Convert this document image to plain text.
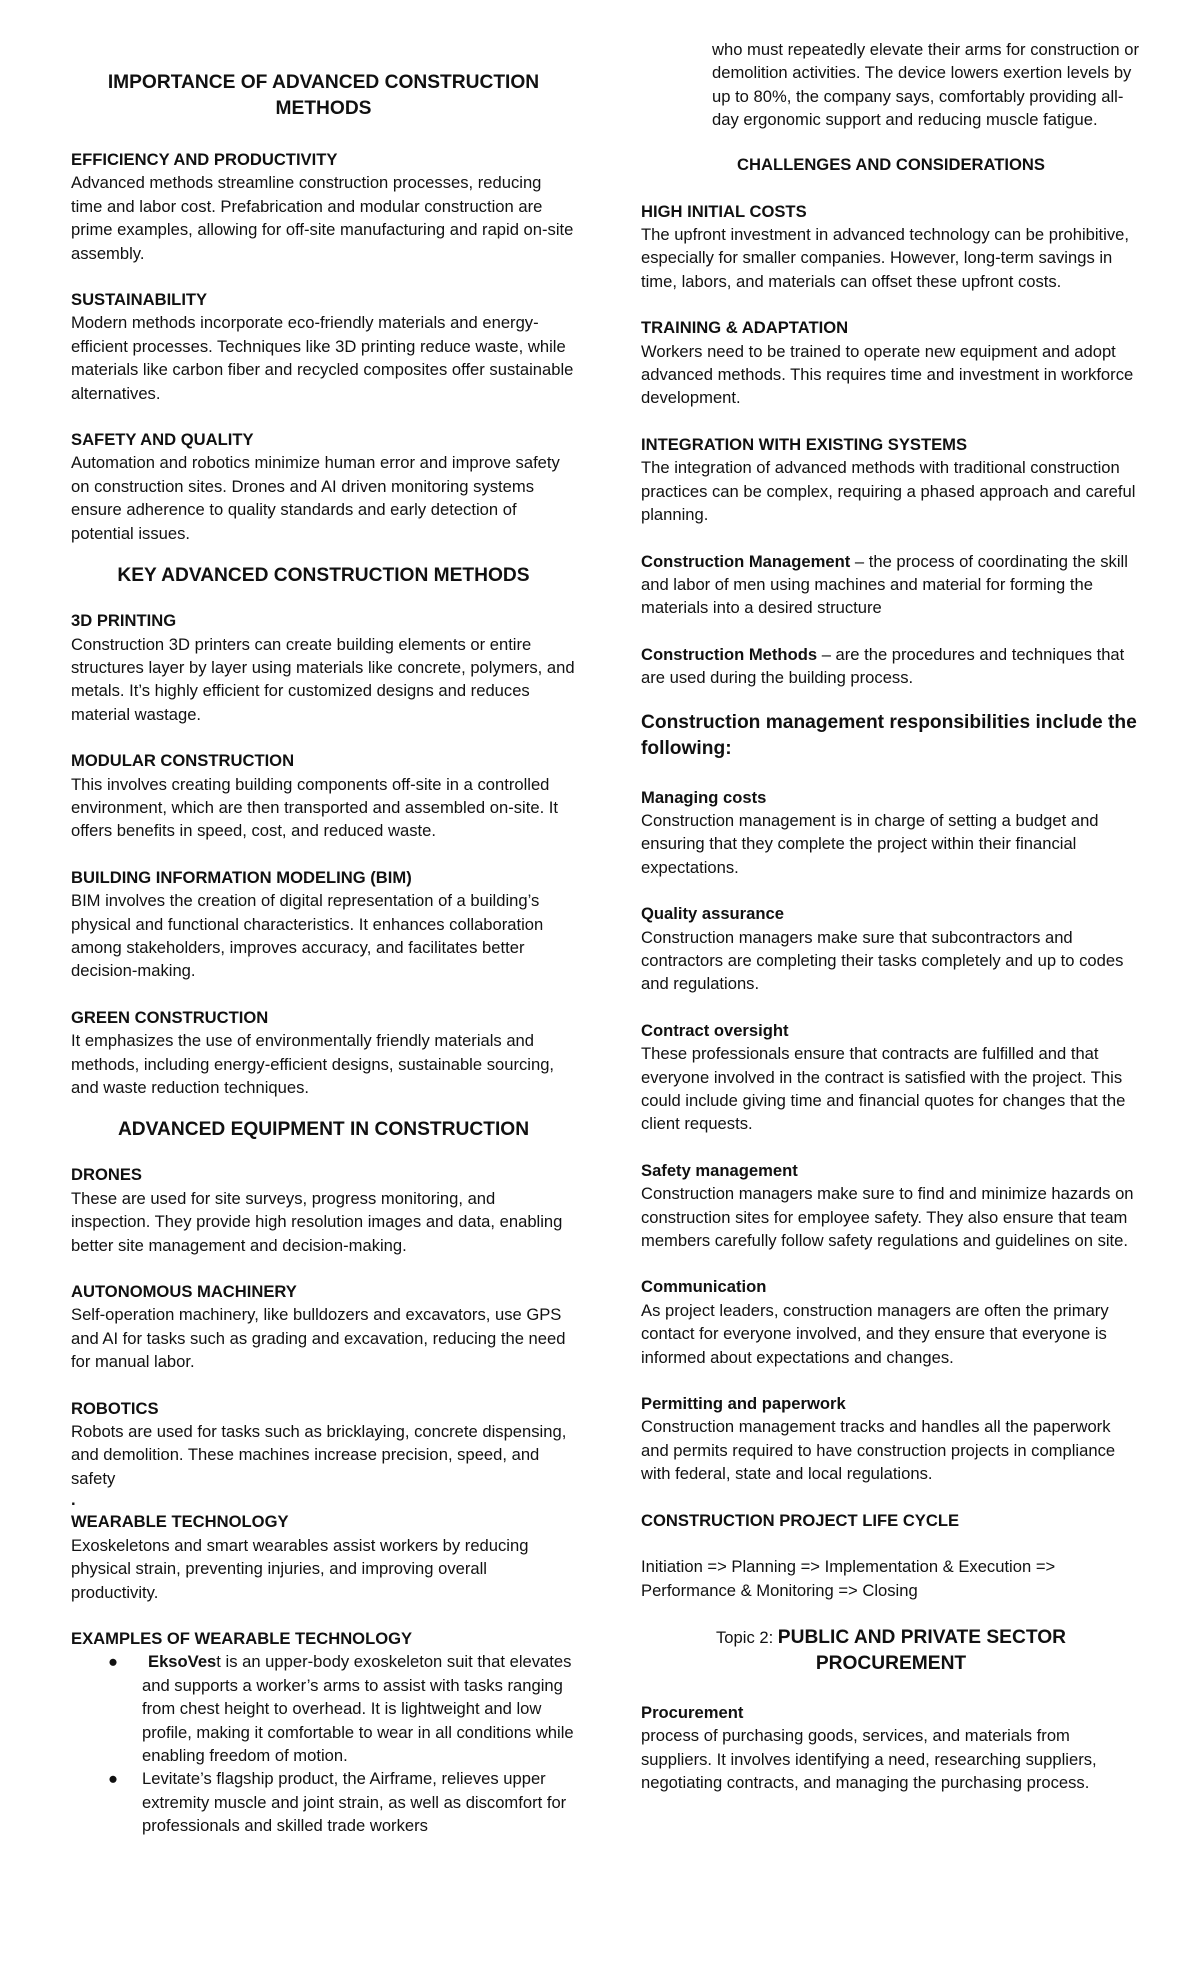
IMPORTANCE OF ADVANCED CONSTRUCTION METHODS

EFFICIENCY AND PRODUCTIVITY

Advanced methods streamline construction processes, reducing time and labor cost. Prefabrication and modular construction are prime examples, allowing for off-site manufacturing and rapid on-site assembly.

SUSTAINABILITY

Modern methods incorporate eco-friendly materials and energy-efficient processes. Techniques like 3D printing reduce waste, while materials like carbon fiber and recycled composites offer sustainable alternatives.

SAFETY AND QUALITY

Automation and robotics minimize human error and improve safety on construction sites. Drones and AI driven monitoring systems ensure adherence to quality standards and early detection of potential issues.

KEY ADVANCED CONSTRUCTION METHODS

3D PRINTING

Construction 3D printers can create building elements or entire structures layer by layer using materials like concrete, polymers, and metals. It’s highly efficient for customized designs and reduces material wastage.

MODULAR CONSTRUCTION

This involves creating building components off-site in a controlled environment, which are then transported and assembled on-site. It offers benefits in speed, cost, and reduced waste.

BUILDING INFORMATION MODELING (BIM)

BIM involves the creation of digital representation of a building’s physical and functional characteristics. It enhances collaboration among stakeholders, improves accuracy, and facilitates better decision-making.

GREEN CONSTRUCTION

It emphasizes the use of environmentally friendly materials and methods, including energy-efficient designs, sustainable sourcing, and waste reduction techniques.

ADVANCED EQUIPMENT IN CONSTRUCTION

DRONES

These are used for site surveys, progress monitoring, and inspection. They provide high resolution images and data, enabling better site management and decision-making.

AUTONOMOUS MACHINERY

Self-operation machinery, like bulldozers and excavators, use GPS and AI for tasks such as grading and excavation, reducing the need for manual labor.

ROBOTICS

Robots are used for tasks such as bricklaying, concrete dispensing, and demolition. These machines increase precision, speed, and safety

.

WEARABLE TECHNOLOGY

Exoskeletons and smart wearables assist workers by reducing physical strain, preventing injuries, and improving overall productivity.

EXAMPLES OF WEARABLE TECHNOLOGY

● EksoVest is an upper-body exoskeleton suit that elevates and supports a worker’s arms to assist with tasks ranging from chest height to overhead. It is lightweight and low profile, making it comfortable to wear in all conditions while enabling freedom of motion.
● Levitate’s flagship product, the Airframe, relieves upper extremity muscle and joint strain, as well as discomfort for professionals and skilled trade workers

who must repeatedly elevate their arms for construction or demolition activities. The device lowers exertion levels by up to 80%, the company says, comfortably providing all-day ergonomic support and reducing muscle fatigue.

CHALLENGES AND CONSIDERATIONS

HIGH INITIAL COSTS

The upfront investment in advanced technology can be prohibitive, especially for smaller companies. However, long-term savings in time, labors, and materials can offset these upfront costs.

TRAINING & ADAPTATION

Workers need to be trained to operate new equipment and adopt advanced methods. This requires time and investment in workforce development.

INTEGRATION WITH EXISTING SYSTEMS

The integration of advanced methods with traditional construction practices can be complex, requiring a phased approach and careful planning.

Construction Management – the process of coordinating the skill and labor of men using machines and material for forming the materials into a desired structure

Construction Methods – are the procedures and techniques that are used during the building process.

Construction management responsibilities include the following:

Managing costs

Construction management is in charge of setting a budget and ensuring that they complete the project within their financial expectations.

Quality assurance

Construction managers make sure that subcontractors and contractors are completing their tasks completely and up to codes and regulations.

Contract oversight

These professionals ensure that contracts are fulfilled and that everyone involved in the contract is satisfied with the project. This could include giving time and financial quotes for changes that the client requests.

Safety management

Construction managers make sure to find and minimize hazards on construction sites for employee safety. They also ensure that team members carefully follow safety regulations and guidelines on site.

Communication

As project leaders, construction managers are often the primary contact for everyone involved, and they ensure that everyone is informed about expectations and changes.

Permitting and paperwork

Construction management tracks and handles all the paperwork and permits required to have construction projects in compliance with federal, state and local regulations.

CONSTRUCTION PROJECT LIFE CYCLE

Initiation => Planning => Implementation & Execution => Performance & Monitoring => Closing

Topic 2: PUBLIC AND PRIVATE SECTOR PROCUREMENT

Procurement

process of purchasing goods, services, and materials from suppliers. It involves identifying a need, researching suppliers, negotiating contracts, and managing the purchasing process.
